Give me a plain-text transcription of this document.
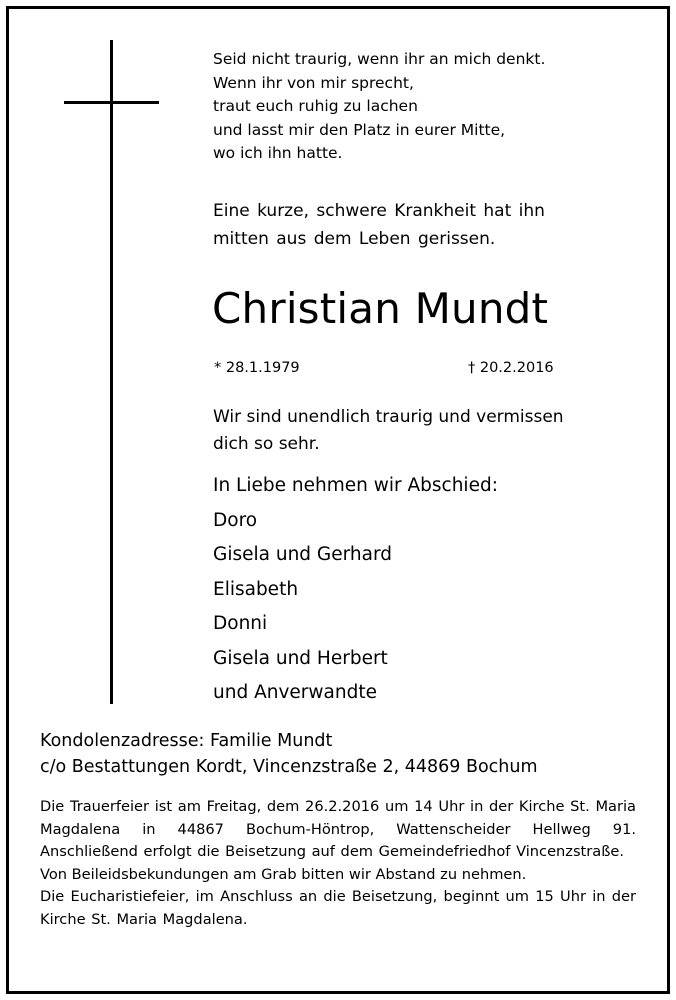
Seid nicht traurig, wenn ihr an mich denkt.
Wenn ihr von mir sprecht,
traut euch ruhig zu lachen
und lasst mir den Platz in eurer Mitte,
wo ich ihn hatte.
Eine kurze, schwere Krankheit hat ihn
mitten aus dem Leben gerissen.
Christian Mundt
* 28.1.1979	† 20.2.2016
Wir sind unendlich traurig und vermissen
dich so sehr.
In Liebe nehmen wir Abschied:
Doro
Gisela und Gerhard
Elisabeth
Donni
Gisela und Herbert
und Anverwandte
Kondolenzadresse: Familie Mundt
c/o Bestattungen Kordt, Vincenzstraße 2, 44869 Bochum

Die Trauerfeier ist am Freitag, dem 26.2.2016 um 14 Uhr in der Kirche St. Maria Magdalena in 44867 Bochum-Höntrop, Wattenscheider Hellweg 91. Anschließend erfolgt die Beisetzung auf dem Gemeindefriedhof Vincenzstraße.

Von Beileidsbekundungen am Grab bitten wir Abstand zu nehmen.

Die Eucharistiefeier, im Anschluss an die Beisetzung, beginnt um 15 Uhr in der Kirche St. Maria Magdalena.
